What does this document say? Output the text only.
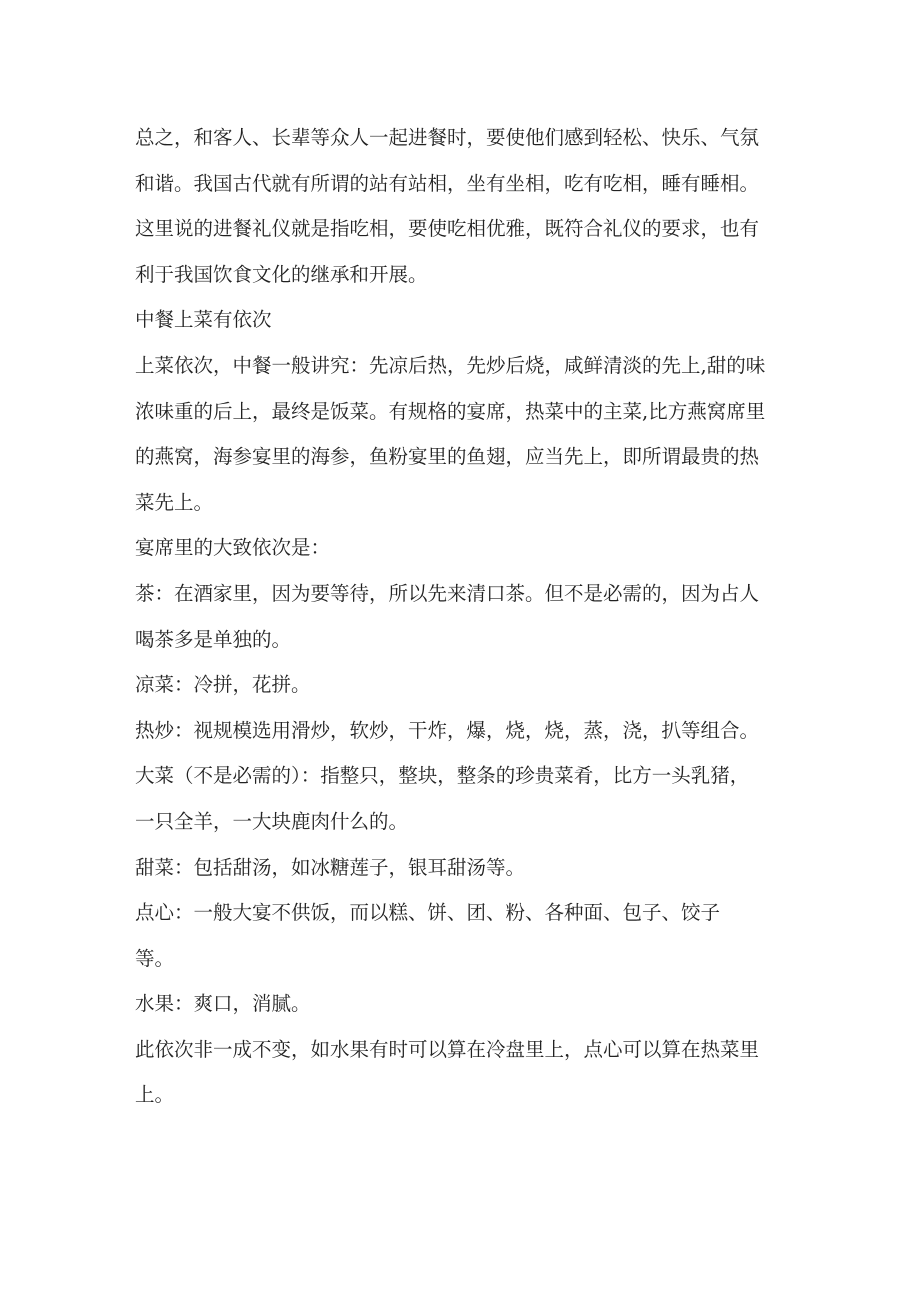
总之，和客人、长辈等众人一起进餐时，要使他们感到轻松、快乐、气氛
和谐。我国古代就有所谓的站有站相，坐有坐相，吃有吃相，睡有睡相。
这里说的进餐礼仪就是指吃相，要使吃相优雅，既符合礼仪的要求，也有
利于我国饮食文化的继承和开展。

中餐上菜有依次

上菜依次，中餐一般讲究：先凉后热，先炒后烧，咸鲜清淡的先上,甜的味
浓味重的后上，最终是饭菜。有规格的宴席，热菜中的主菜,比方燕窝席里
的燕窝，海参宴里的海参，鱼粉宴里的鱼翅，应当先上，即所谓最贵的热
菜先上。

宴席里的大致依次是：

茶：在酒家里，因为要等待，所以先来清口茶。但不是必需的，因为占人
喝茶多是单独的。

凉菜：冷拼，花拼。

热炒：视规模选用滑炒，软炒，干炸，爆，烧，烧，蒸，浇，扒等组合。

大菜（不是必需的）：指整只，整块，整条的珍贵菜肴，比方一头乳猪，
一只全羊，一大块鹿肉什么的。

甜菜：包括甜汤，如冰糖莲子，银耳甜汤等。

点心：一般大宴不供饭，而以糕、饼、团、粉、各种面、包子、饺子
等。

水果：爽口，消腻。

此依次非一成不变，如水果有时可以算在冷盘里上，点心可以算在热菜里
上。
